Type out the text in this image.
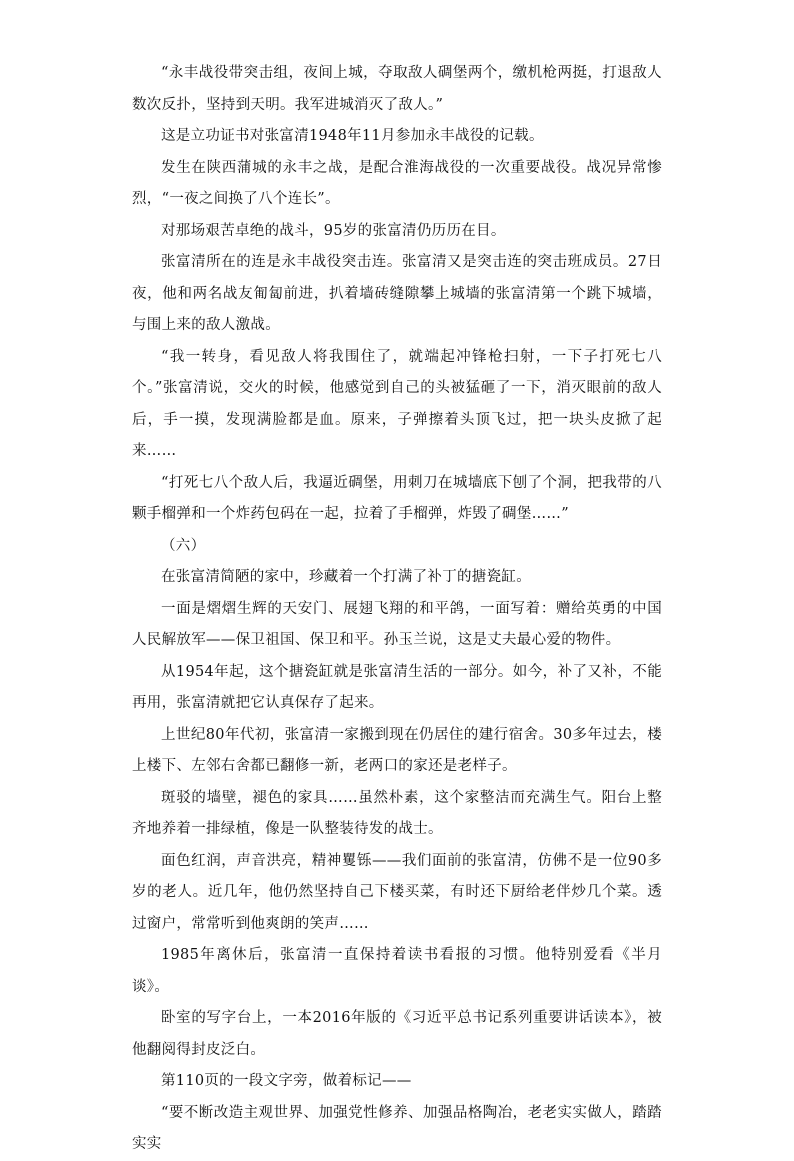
“永丰战役带突击组，夜间上城，夺取敌人碉堡两个，缴机枪两挺，打退敌人数次反扑，坚持到天明。我军进城消灭了敌人。”

这是立功证书对张富清1948年11月参加永丰战役的记载。

发生在陕西蒲城的永丰之战，是配合淮海战役的一次重要战役。战况异常惨烈，“一夜之间换了八个连长”。

对那场艰苦卓绝的战斗，95岁的张富清仍历历在目。

张富清所在的连是永丰战役突击连。张富清又是突击连的突击班成员。27日夜，他和两名战友匍匐前进，扒着墙砖缝隙攀上城墙的张富清第一个跳下城墙，与围上来的敌人激战。

“我一转身，看见敌人将我围住了，就端起冲锋枪扫射，一下子打死七八个。”张富清说，交火的时候，他感觉到自己的头被猛砸了一下，消灭眼前的敌人后，手一摸，发现满脸都是血。原来，子弹擦着头顶飞过，把一块头皮掀了起来……

“打死七八个敌人后，我逼近碉堡，用刺刀在城墙底下刨了个洞，把我带的八颗手榴弹和一个炸药包码在一起，拉着了手榴弹，炸毁了碉堡……”

（六）

在张富清简陋的家中，珍藏着一个打满了补丁的搪瓷缸。

一面是熠熠生辉的天安门、展翅飞翔的和平鸽，一面写着：赠给英勇的中国人民解放军——保卫祖国、保卫和平。孙玉兰说，这是丈夫最心爱的物件。

从1954年起，这个搪瓷缸就是张富清生活的一部分。如今，补了又补，不能再用，张富清就把它认真保存了起来。

上世纪80年代初，张富清一家搬到现在仍居住的建行宿舍。30多年过去，楼上楼下、左邻右舍都已翻修一新，老两口的家还是老样子。

斑驳的墙壁，褪色的家具……虽然朴素，这个家整洁而充满生气。阳台上整齐地养着一排绿植，像是一队整装待发的战士。

面色红润，声音洪亮，精神矍铄——我们面前的张富清，仿佛不是一位90多岁的老人。近几年，他仍然坚持自己下楼买菜，有时还下厨给老伴炒几个菜。透过窗户，常常听到他爽朗的笑声……

1985年离休后，张富清一直保持着读书看报的习惯。他特别爱看《半月谈》。

卧室的写字台上，一本2016年版的《习近平总书记系列重要讲话读本》，被他翻阅得封皮泛白。

第110页的一段文字旁，做着标记——

“要不断改造主观世界、加强党性修养、加强品格陶冶，老老实实做人，踏踏实实
